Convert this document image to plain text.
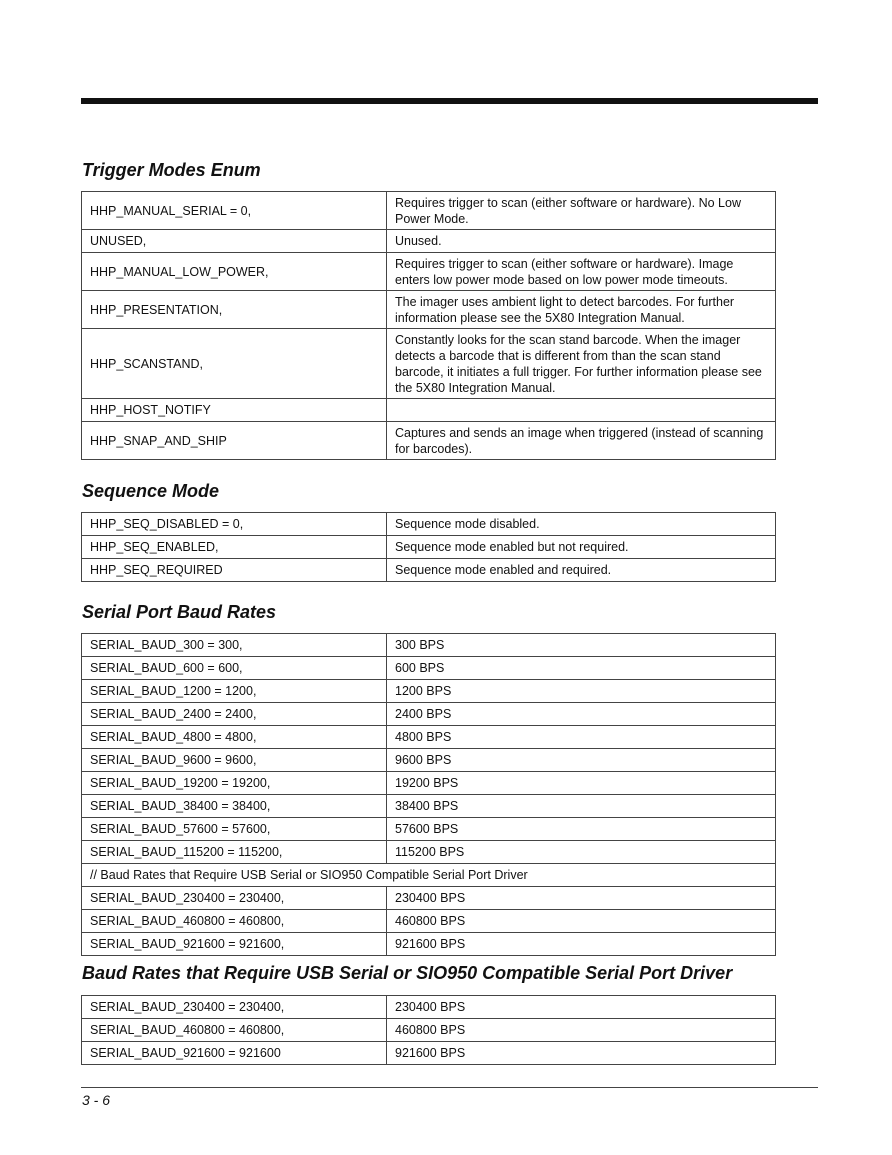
Trigger Modes Enum
HHP_MANUAL_SERIAL = 0,	Requires trigger to scan (either software or hardware). No Low Power Mode.
UNUSED,	Unused.
HHP_MANUAL_LOW_POWER,	Requires trigger to scan (either software or hardware). Image enters low power mode based on low power mode timeouts.
HHP_PRESENTATION,	The imager uses ambient light to detect barcodes. For further information please see the 5X80 Integration Manual.
HHP_SCANSTAND,	Constantly looks for the scan stand barcode. When the imager detects a barcode that is different from than the scan stand barcode, it initiates a full trigger. For further information please see the 5X80 Integration Manual.
HHP_HOST_NOTIFY	
HHP_SNAP_AND_SHIP	Captures and sends an image when triggered (instead of scanning for barcodes).
Sequence Mode
HHP_SEQ_DISABLED = 0,	Sequence mode disabled.
HHP_SEQ_ENABLED,	Sequence mode enabled but not required.
HHP_SEQ_REQUIRED	Sequence mode enabled and required.
Serial Port Baud Rates
SERIAL_BAUD_300 = 300,	300 BPS
SERIAL_BAUD_600 = 600,	600 BPS
SERIAL_BAUD_1200 = 1200,	1200 BPS
SERIAL_BAUD_2400 = 2400,	2400 BPS
SERIAL_BAUD_4800 = 4800,	4800 BPS
SERIAL_BAUD_9600 = 9600,	9600 BPS
SERIAL_BAUD_19200 = 19200,	19200 BPS
SERIAL_BAUD_38400 = 38400,	38400 BPS
SERIAL_BAUD_57600 = 57600,	57600 BPS
SERIAL_BAUD_115200 = 115200,	115200 BPS
// Baud Rates that Require USB Serial or SIO950 Compatible Serial Port Driver	
SERIAL_BAUD_230400 = 230400,	230400 BPS
SERIAL_BAUD_460800 = 460800,	460800 BPS
SERIAL_BAUD_921600 = 921600,	921600 BPS
Baud Rates that Require USB Serial or SIO950 Compatible Serial Port Driver
SERIAL_BAUD_230400 = 230400,	230400 BPS
SERIAL_BAUD_460800 = 460800,	460800 BPS
SERIAL_BAUD_921600 = 921600	921600 BPS
3 - 6
